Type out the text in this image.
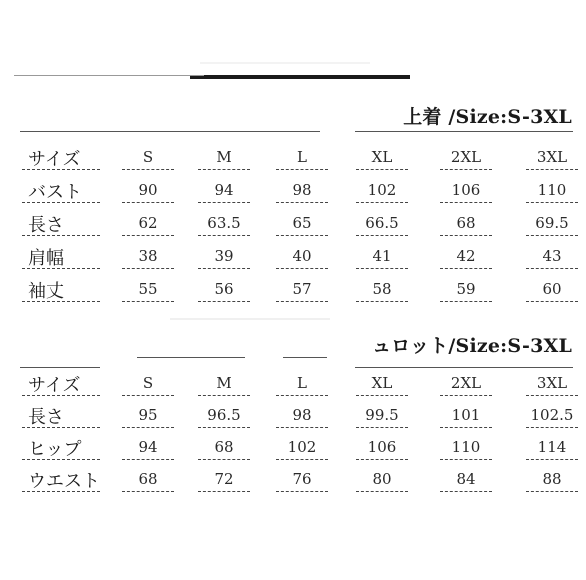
上着 /Size:S-3XL
サイズ	S	M	L	XL	2XL	3XL
バスト	90	94	98	102	106	110
長さ	62	63.5	65	66.5	68	69.5
肩幅	38	39	40	41	42	43
袖丈	55	56	57	58	59	60
ュロット/Size:S-3XL
サイズ	S	M	L	XL	2XL	3XL
長さ	95	96.5	98	99.5	101	102.5
ヒップ	94	68	102	106	110	114
ウエスト	68	72	76	80	84	88
